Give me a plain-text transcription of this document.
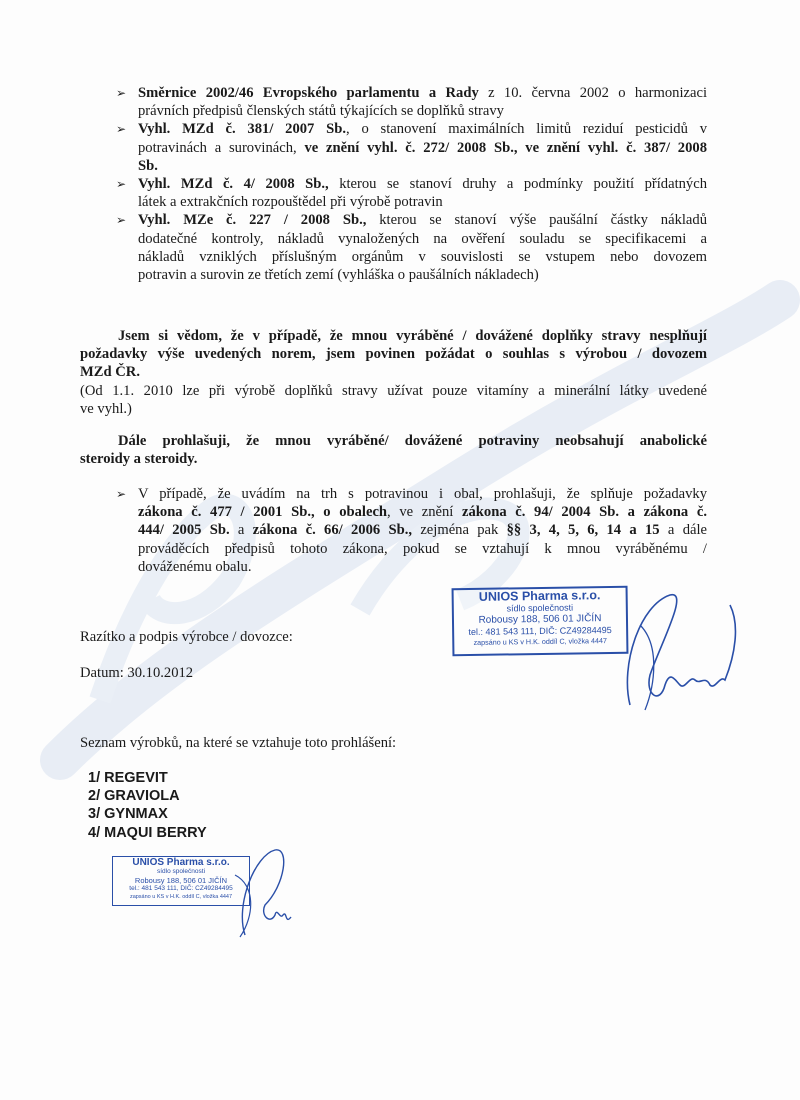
➢ Směrnice 2002/46 Evropského parlamentu a Rady z 10. června 2002 o harmonizaci
právních předpisů členských států týkajících se doplňků stravy
➢ Vyhl. MZd č. 381/ 2007 Sb., o stanovení maximálních limitů reziduí pesticidů v
potravinách a surovinách, ve znění vyhl. č. 272/ 2008 Sb., ve znění vyhl. č. 387/ 2008
Sb.
➢ Vyhl. MZd č. 4/ 2008 Sb., kterou se stanoví druhy a podmínky použití přídatných
látek a extrakčních rozpouštědel při výrobě potravin
➢ Vyhl. MZe č. 227 / 2008 Sb., kterou se stanoví výše paušální částky nákladů
dodatečné kontroly, nákladů vynaložených na ověření souladu se specifikacemi a
nákladů vzniklých příslušným orgánům v souvislosti se vstupem nebo dovozem
potravin a surovin ze třetích zemí (vyhláška o paušálních nákladech)
Jsem si vědom, že v případě, že mnou vyráběné / dovážené doplňky stravy nesplňují
požadavky výše uvedených norem, jsem povinen požádat o souhlas s výrobou / dovozem
MZd ČR.
(Od 1.1. 2010 lze při výrobě doplňků stravy užívat pouze vitamíny a minerální látky uvedené
ve vyhl.)
Dále prohlašuji, že mnou vyráběné/ dovážené potraviny neobsahují anabolické
steroidy a steroidy.
➢ V případě, že uvádím na trh s potravinou i obal, prohlašuji, že splňuje požadavky
zákona č. 477 / 2001 Sb., o obalech, ve znění zákona č. 94/ 2004 Sb. a zákona č.
444/ 2005 Sb. a zákona č. 66/ 2006 Sb., zejména pak §§ 3, 4, 5, 6, 14 a 15 a dále
prováděcích předpisů tohoto zákona, pokud se vztahují k mnou vyráběnému /
dováženému obalu.
Razítko a podpis výrobce / dovozce:
Datum: 30.10.2012
Seznam výrobků, na které se vztahuje toto prohlášení:
1/ REGEVIT
2/ GRAVIOLA
3/ GYNMAX
4/ MAQUI BERRY
UNIOS Pharma s.r.o.
sídlo společnosti
Robousy 188, 506 01 JIČÍN
tel.: 481 543 111, DIČ: CZ49284495
zapsáno u KS v H.K. oddíl C, vložka 4447
UNIOS Pharma s.r.o.
sídlo společnosti
Robousy 188, 506 01 JIČÍN
tel.: 481 543 111, DIČ: CZ49284495
zapsáno u KS v H.K. oddíl C, vložka 4447
